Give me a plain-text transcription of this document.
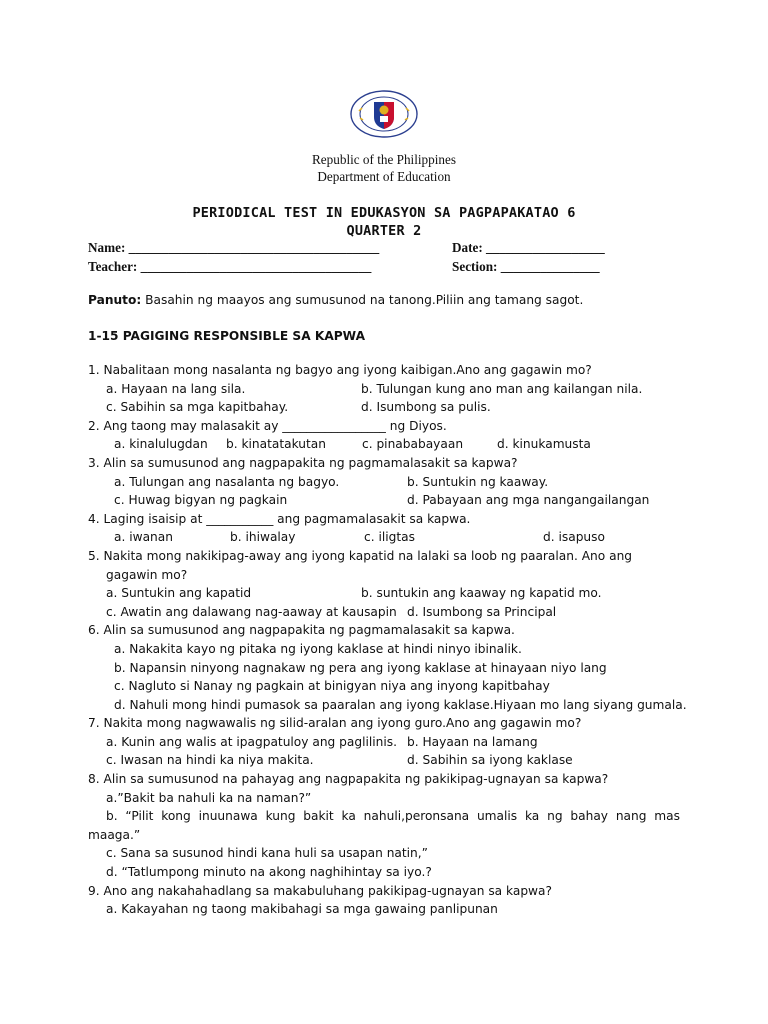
Republic of the Philippines
Department of Education
PERIODICAL TEST IN EDUKASYON SA PAGPAPAKATAO 6
QUARTER 2
Name: ______________________________________	Date: __________________
Teacher: ___________________________________	Section: _______________
Panuto: Basahin ng maayos ang sumusunod na tanong.Piliin ang tamang sagot.
1-15 PAGIGING RESPONSIBLE SA KAPWA
1. Nabalitaan mong nasalanta ng bagyo ang iyong kaibigan.Ano ang gagawin mo?
a. Hayaan na lang sila.	b. Tulungan kung ano man ang kailangan nila.
c. Sabihin sa mga kapitbahay.	d. Isumbong sa pulis.
2. Ang taong may malasakit ay _________________ ng Diyos.
a. kinalulugdan b. kinatatakutan	c. pinababayaan	d. kinukamusta
3. Alin sa sumusunod ang nagpapakita ng pagmamalasakit sa kapwa?
a. Tulungan ang nasalanta ng bagyo.	b. Suntukin ng kaaway.
c. Huwag bigyan ng pagkain	d. Pabayaan ang mga nangangailangan
4. Laging isaisip at ___________ ang pagmamalasakit sa kapwa.
a. iwanan	b. ihiwalay	c. iligtas	d. isapuso
5. Nakita mong nakikipag-away ang iyong kapatid na lalaki sa loob ng paaralan. Ano ang
gagawin mo?
a. Suntukin ang kapatid	b. suntukin ang kaaway ng kapatid mo.
c. Awatin ang dalawang nag-aaway at kausapin d. Isumbong sa Principal
6. Alin sa sumusunod ang nagpapakita ng pagmamalasakit sa kapwa.
a. Nakakita kayo ng pitaka ng iyong kaklase at hindi ninyo ibinalik.
b. Napansin ninyong nagnakaw ng pera ang iyong kaklase at hinayaan niyo lang
c. Nagluto si Nanay ng pagkain at binigyan niya ang inyong kapitbahay
d. Nahuli mong hindi pumasok sa paaralan ang iyong kaklase.Hiyaan mo lang siyang gumala.
7. Nakita mong nagwawalis ng silid-aralan ang iyong guro.Ano ang gagawin mo?
a. Kunin ang walis at ipagpatuloy ang paglilinis. b. Hayaan na lamang
c. Iwasan na hindi ka niya makita.	d. Sabihin sa iyong kaklase
8. Alin sa sumusunod na pahayag ang nagpapakita ng pakikipag-ugnayan sa kapwa?
a.”Bakit ba nahuli ka na naman?”
b. “Pilit kong inuunawa kung bakit ka nahuli,peronsana umalis ka ng bahay nang mas maaga.”
c. Sana sa susunod hindi kana huli sa usapan natin,”
d. “Tatlumpong minuto na akong naghihintay sa iyo.?
9. Ano ang nakahahadlang sa makabuluhang pakikipag-ugnayan sa kapwa?
a. Kakayahan ng taong makibahagi sa mga gawaing panlipunan
